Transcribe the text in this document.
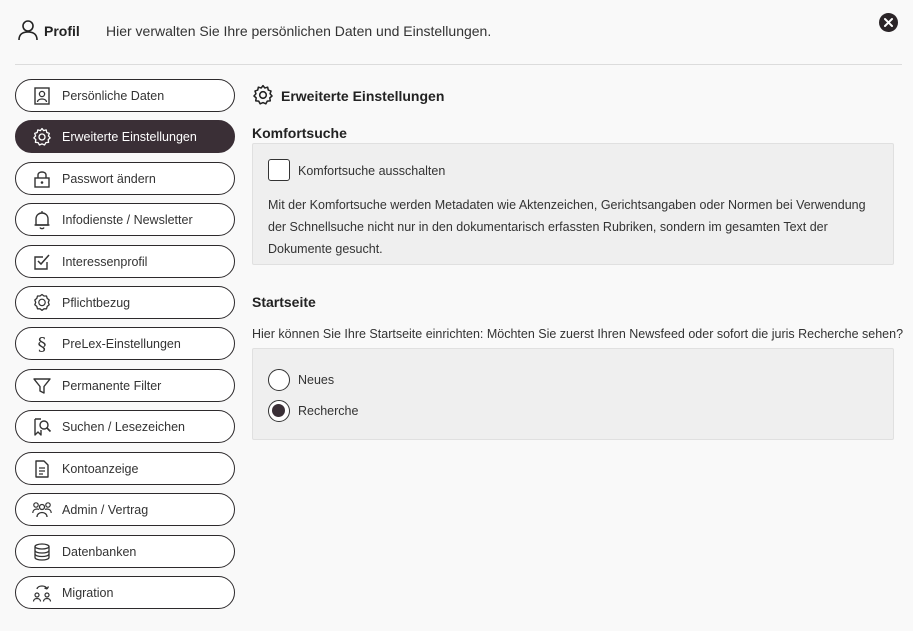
Profil Hier verwalten Sie Ihre persönlichen Daten und Einstellungen.
Persönliche Daten
Erweiterte Einstellungen
Passwort ändern
Infodienste / Newsletter
Interessenprofil
Pflichtbezug
§ PreLex-Einstellungen
Permanente Filter
Suchen / Lesezeichen
Kontoanzeige
Admin / Vertrag
Datenbanken
Migration
Erweiterte Einstellungen
Komfortsuche
Komfortsuche ausschalten

Mit der Komfortsuche werden Metadaten wie Aktenzeichen, Gerichtsangaben oder Normen bei Verwendung der Schnellsuche nicht nur in den dokumentarisch erfassten Rubriken, sondern im gesamten Text der Dokumente gesucht.

Startseite
Hier können Sie Ihre Startseite einrichten: Möchten Sie zuerst Ihren Newsfeed oder sofort die juris Recherche sehen?
Neues
Recherche
